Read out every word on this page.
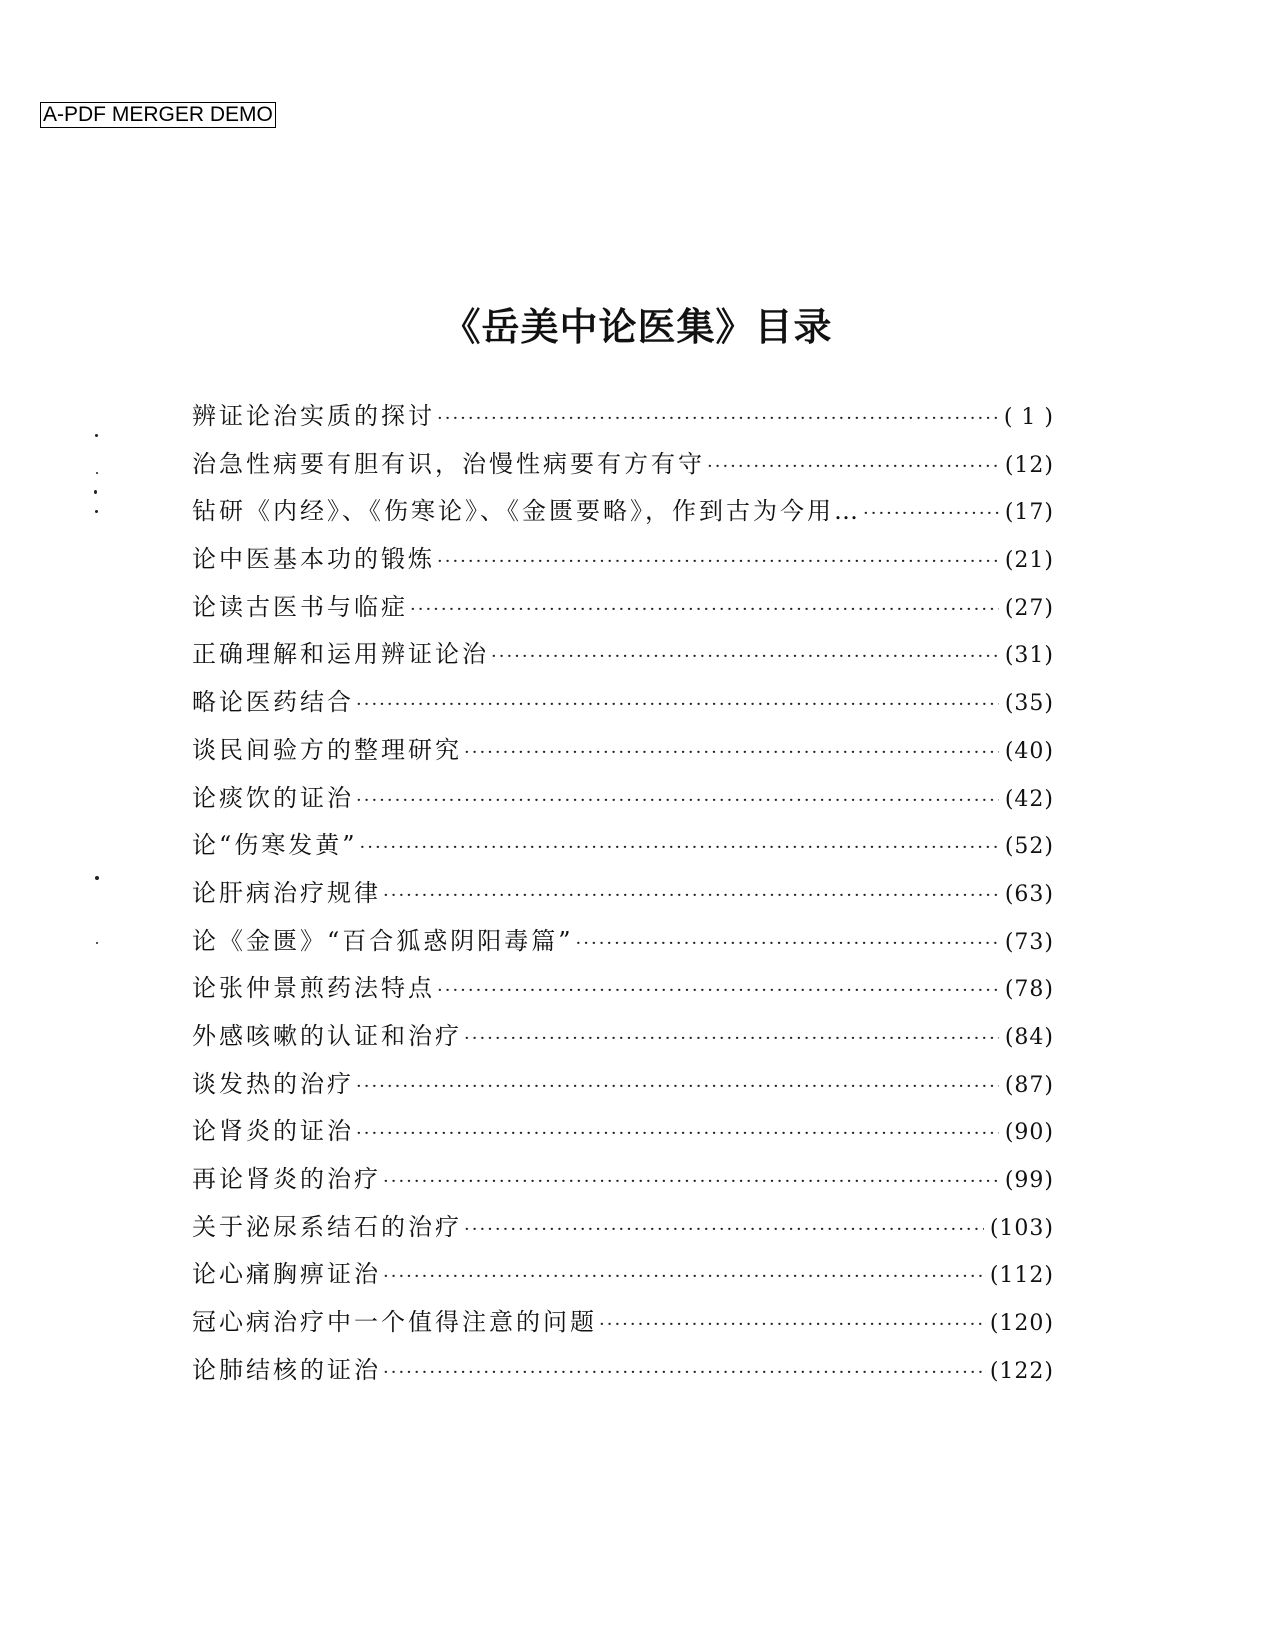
A-PDF MERGER DEMO
《岳美中论医集》目录
辨证论治实质的探讨 ·····	( 1 )
治急性病要有胆有识，治慢性病要有方有守 ·····	(12)
钻研《内经》、《伤寒论》、《金匮要略》，作到古为今用… ·····	(17)
论中医基本功的锻炼 ·····	(21)
论读古医书与临症 ·····	(27)
正确理解和运用辨证论治 ·····	(31)
略论医药结合 ·····	(35)
谈民间验方的整理研究 ·····	(40)
论痰饮的证治 ·····	(42)
论“伤寒发黄” ·····	(52)
论肝病治疗规律 ·····	(63)
论《金匮》“百合狐惑阴阳毒篇” ·····	(73)
论张仲景煎药法特点 ·····	(78)
外感咳嗽的认证和治疗 ·····	(84)
谈发热的治疗 ·····	(87)
论肾炎的证治 ·····	(90)
再论肾炎的治疗 ·····	(99)
关于泌尿系结石的治疗 ·····	(103)
论心痛胸痹证治 ·····	(112)
冠心病治疗中一个值得注意的问题 ·····	(120)
论肺结核的证治 ·····	(122)
